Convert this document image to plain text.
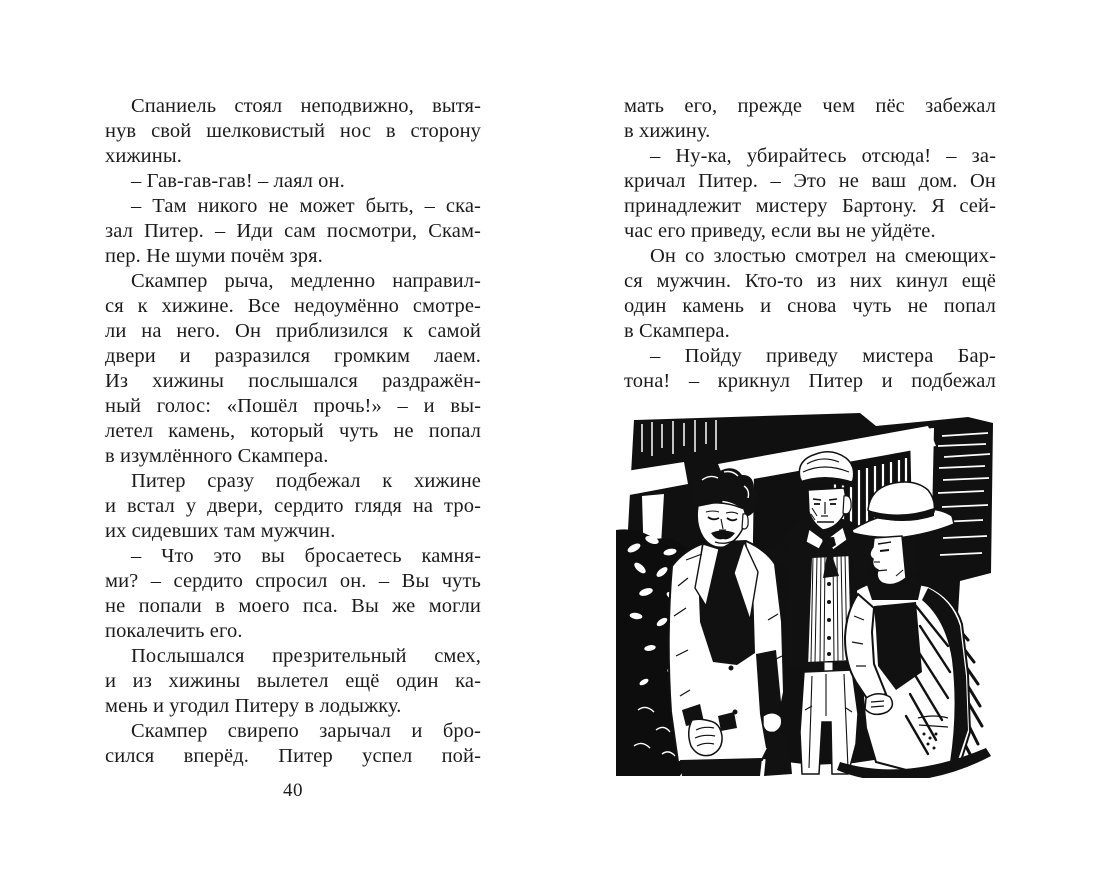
Спаниель стоял неподвижно, вытя-
нув свой шелковистый нос в сторону
хижины.
– Гав-гав-гав! – лаял он.
– Там никого не может быть, – ска-
зал Питер. – Иди сам посмотри, Скам-
пер. Не шуми почём зря.
Скампер рыча, медленно направил-
ся к хижине. Все недоумённо смотре-
ли на него. Он приблизился к самой
двери и разразился громким лаем.
Из хижины послышался раздражён-
ный голос: «Пошёл прочь!» – и вы-
летел камень, который чуть не попал
в изумлённого Скампера.
Питер сразу подбежал к хижине
и встал у двери, сердито глядя на тро-
их сидевших там мужчин.
– Что это вы бросаетесь камня-
ми? – сердито спросил он. – Вы чуть
не попали в моего пса. Вы же могли
покалечить его.
Послышался презрительный смех,
и из хижины вылетел ещё один ка-
мень и угодил Питеру в лодыжку.
Скампер свирепо зарычал и бро-
сился вперёд. Питер успел пой-
40
мать его, прежде чем пёс забежал
в хижину.
– Ну-ка, убирайтесь отсюда! – за-
кричал Питер. – Это не ваш дом. Он
принадлежит мистеру Бартону. Я сей-
час его приведу, если вы не уйдёте.
Он со злостью смотрел на смеющих-
ся мужчин. Кто-то из них кинул ещё
один камень и снова чуть не попал
в Скампера.
– Пойду приведу мистера Бар-
тона! – крикнул Питер и подбежал
